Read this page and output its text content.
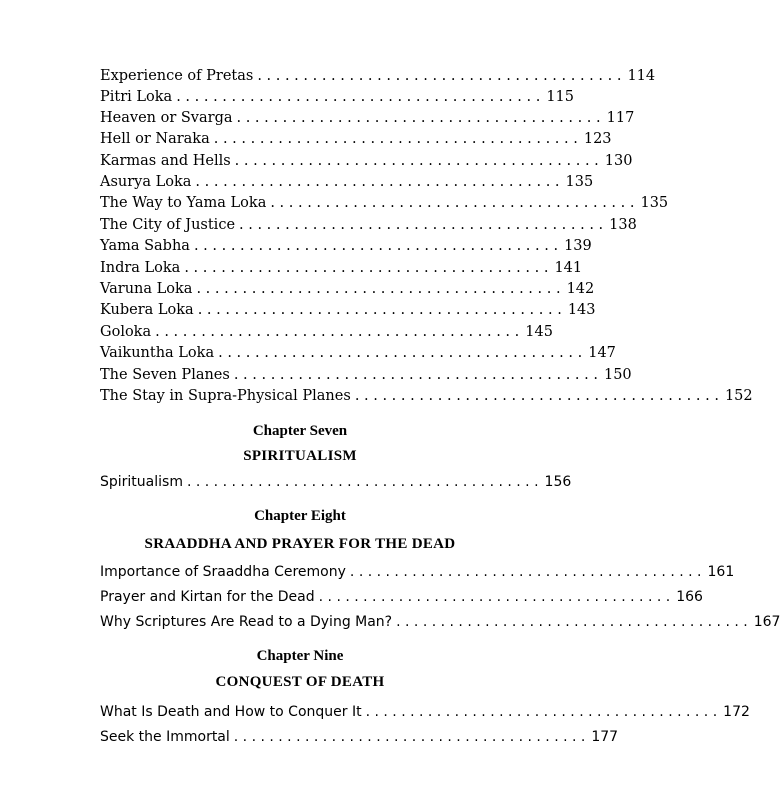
Experience of Pretas . . . . . . . . . . . . . . . . . . . . . . . . . . . . . . . . . . . . . . . . 114
Pitri Loka . . . . . . . . . . . . . . . . . . . . . . . . . . . . . . . . . . . . . . . . 115
Heaven or Svarga . . . . . . . . . . . . . . . . . . . . . . . . . . . . . . . . . . . . . . . . 117
Hell or Naraka . . . . . . . . . . . . . . . . . . . . . . . . . . . . . . . . . . . . . . . . 123
Karmas and Hells . . . . . . . . . . . . . . . . . . . . . . . . . . . . . . . . . . . . . . . . 130
Asurya Loka . . . . . . . . . . . . . . . . . . . . . . . . . . . . . . . . . . . . . . . . 135
The Way to Yama Loka . . . . . . . . . . . . . . . . . . . . . . . . . . . . . . . . . . . . . . . . 135
The City of Justice . . . . . . . . . . . . . . . . . . . . . . . . . . . . . . . . . . . . . . . . 138
Yama Sabha . . . . . . . . . . . . . . . . . . . . . . . . . . . . . . . . . . . . . . . . 139
Indra Loka . . . . . . . . . . . . . . . . . . . . . . . . . . . . . . . . . . . . . . . . 141
Varuna Loka . . . . . . . . . . . . . . . . . . . . . . . . . . . . . . . . . . . . . . . . 142
Kubera Loka . . . . . . . . . . . . . . . . . . . . . . . . . . . . . . . . . . . . . . . . 143
Goloka . . . . . . . . . . . . . . . . . . . . . . . . . . . . . . . . . . . . . . . . 145
Vaikuntha Loka . . . . . . . . . . . . . . . . . . . . . . . . . . . . . . . . . . . . . . . . 147
The Seven Planes . . . . . . . . . . . . . . . . . . . . . . . . . . . . . . . . . . . . . . . . 150
The Stay in Supra-Physical Planes . . . . . . . . . . . . . . . . . . . . . . . . . . . . . . . . . . . . . . . . 152
Chapter Seven
SPIRITUALISM
Spiritualism . . . . . . . . . . . . . . . . . . . . . . . . . . . . . . . . . . . . . . . . 156
Chapter Eight
SRAADDHA AND PRAYER FOR THE DEAD
Importance of Sraaddha Ceremony . . . . . . . . . . . . . . . . . . . . . . . . . . . . . . . . . . . . . . . . 161
Prayer and Kirtan for the Dead . . . . . . . . . . . . . . . . . . . . . . . . . . . . . . . . . . . . . . . . 166
Why Scriptures Are Read to a Dying Man? . . . . . . . . . . . . . . . . . . . . . . . . . . . . . . . . . . . . . . . . 167
Chapter Nine
CONQUEST OF DEATH
What Is Death and How to Conquer It . . . . . . . . . . . . . . . . . . . . . . . . . . . . . . . . . . . . . . . . 172
Seek the Immortal . . . . . . . . . . . . . . . . . . . . . . . . . . . . . . . . . . . . . . . . 177
